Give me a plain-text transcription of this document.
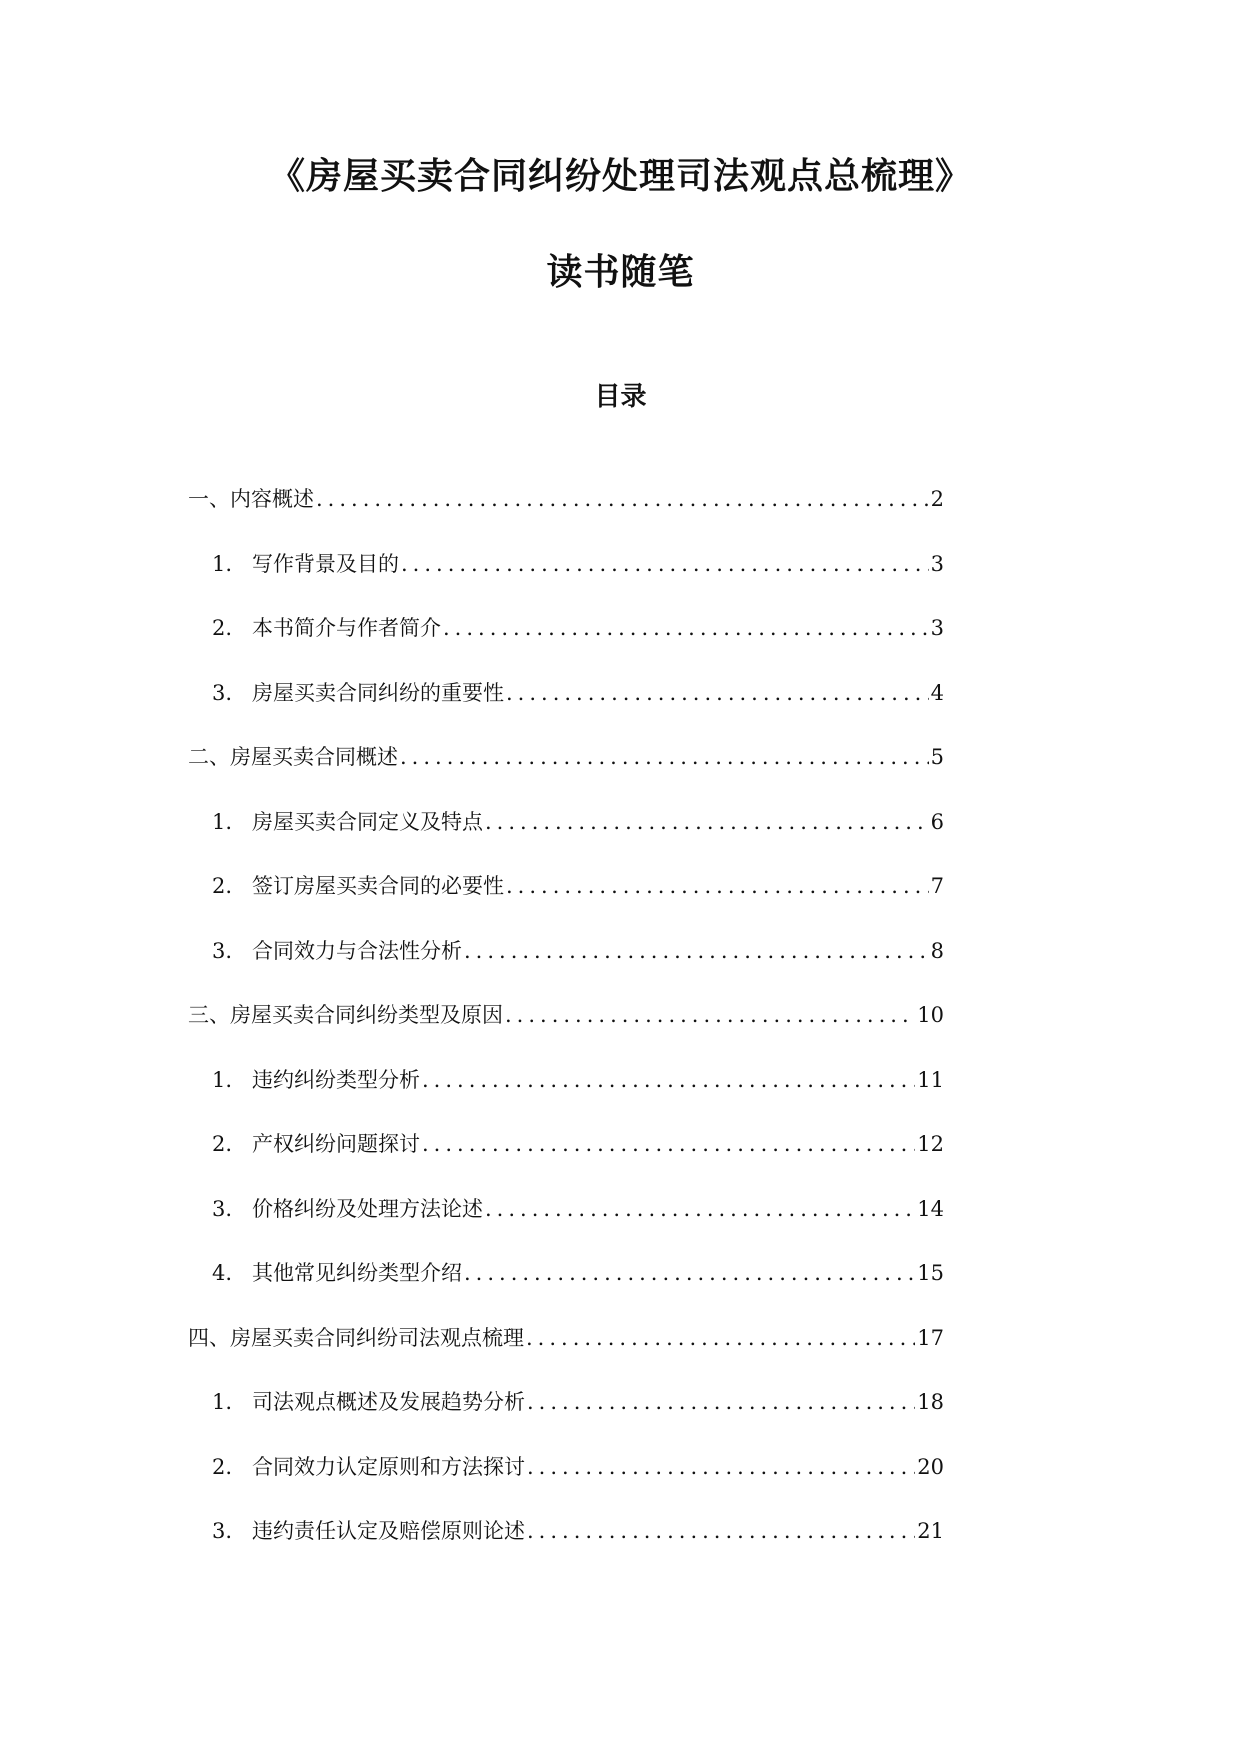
《房屋买卖合同纠纷处理司法观点总梳理》
读书随笔
目录
一、内容概述 .....	2
1. 写作背景及目的 .....	3
2. 本书简介与作者简介 .....	3
3. 房屋买卖合同纠纷的重要性 .....	4
二、房屋买卖合同概述 .....	5
1. 房屋买卖合同定义及特点 .....	6
2. 签订房屋买卖合同的必要性 .....	7
3. 合同效力与合法性分析 .....	8
三、房屋买卖合同纠纷类型及原因 .....	10
1. 违约纠纷类型分析 .....	11
2. 产权纠纷问题探讨 .....	12
3. 价格纠纷及处理方法论述 .....	14
4. 其他常见纠纷类型介绍 .....	15
四、房屋买卖合同纠纷司法观点梳理 .....	17
1. 司法观点概述及发展趋势分析 .....	18
2. 合同效力认定原则和方法探讨 .....	20
3. 违约责任认定及赔偿原则论述 .....	21
